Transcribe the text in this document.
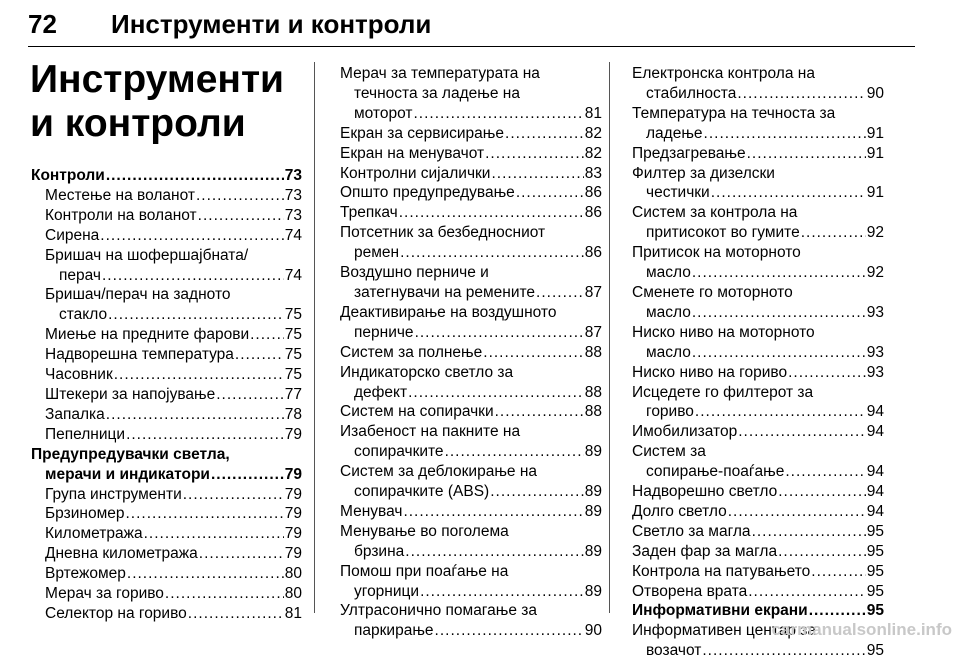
72 Инструменти и контроли
Инструменти и контроли
Контроли .....	73
Местење на воланот .....	73
Контроли на воланот .....	73
Сирена .....	74
Бришач на шофершајбната/
перач .....	74
Бришач/перач на задното
стакло .....	75
Миење на предните фарови ..... 75
Надворешна температура .....	75
Часовник .....	75
Штекери за напојување .....	77
Запалка .....	78
Пепелници .....	79
Предупредувачки светла,
мерачи и индикатори .....	79
Група инструменти .....	79
Брзиномер .....	79
Километража .....	79
Дневна километража .....	79
Вртежомер .....	80
Мерач за гориво .....	80
Селектор на гориво .....	81
Мерач за температурата на
течноста за ладење на
моторот .....	81
Екран за сервисирање .....	82
Екран на менувачот .....	82
Контролни сијалички .....	83
Општо предупредување .....	86
Трепкач .....	86
Потсетник за безбедносниот
ремен .....	86
Воздушно перниче и
затегнувачи на ремените .....	87
Деактивирање на воздушното
перниче .....	87
Систем за полнење .....	88
Индикаторско светло за
дефект .....	88
Систем на сопирачки .....	88
Изабеност на пакните на
сопирачките .....	89
Систем за деблокирање на
сопирачките (ABS) .....	89
Менувач .....	89
Менување во поголема
брзина .....	89
Помош при поаѓање на
угорници .....	89
Ултрасонично помагање за
паркирање .....	90
Електронска контрола на
стабилноста .....	90
Температура на течноста за
ладење .....	91
Предзагревање .....	91
Филтер за дизелски
честички .....	91
Систем за контрола на
притисокот во гумите .....	92
Притисок на моторното
масло .....	92
Сменете го моторното
масло .....	93
Ниско ниво на моторното
масло .....	93
Ниско ниво на гориво .....	93
Исцедете го филтерот за
гориво .....	94
Имобилизатор .....	94
Систем за
сопирање-поаѓање .....	94
Надворешно светло .....	94
Долго светло .....	94
Светло за магла .....	95
Заден фар за магла .....	95
Контрола на патувањето .....	95
Отворена врата .....	95
Информативни екрани .....	95
Информативен центар за
возачот .....	95
carmanualsonline.info
